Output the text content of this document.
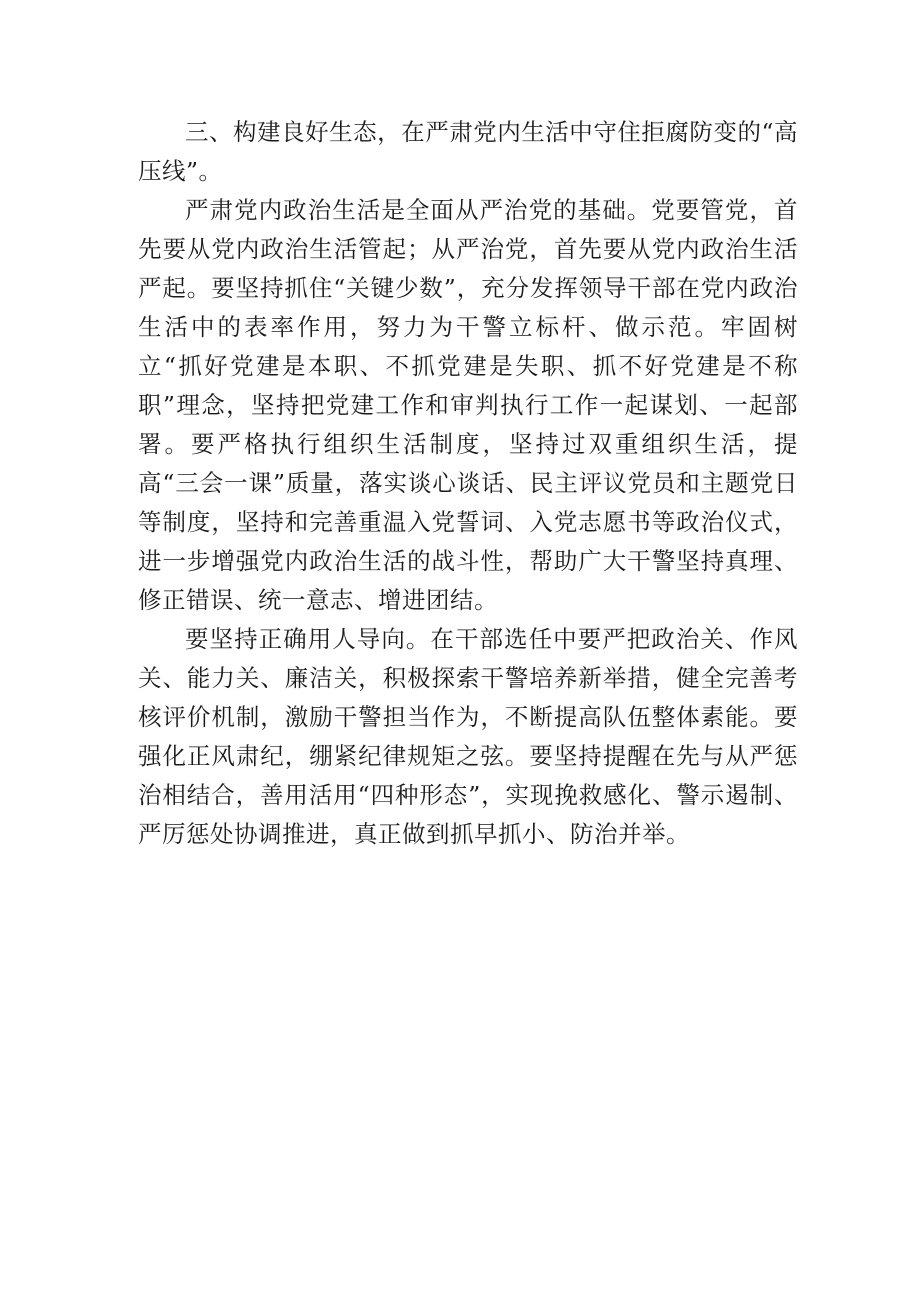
三、构建良好生态，在严肃党内生活中守住拒腐防变的“高压线”。

严肃党内政治生活是全面从严治党的基础。党要管党，首先要从党内政治生活管起；从严治党，首先要从党内政治生活严起。要坚持抓住“关键少数”，充分发挥领导干部在党内政治生活中的表率作用，努力为干警立标杆、做示范。牢固树立“抓好党建是本职、不抓党建是失职、抓不好党建是不称职”理念，坚持把党建工作和审判执行工作一起谋划、一起部署。要严格执行组织生活制度，坚持过双重组织生活，提高“三会一课”质量，落实谈心谈话、民主评议党员和主题党日等制度，坚持和完善重温入党誓词、入党志愿书等政治仪式，进一步增强党内政治生活的战斗性，帮助广大干警坚持真理、修正错误、统一意志、增进团结。

要坚持正确用人导向。在干部选任中要严把政治关、作风关、能力关、廉洁关，积极探索干警培养新举措，健全完善考核评价机制，激励干警担当作为，不断提高队伍整体素能。要强化正风肃纪，绷紧纪律规矩之弦。要坚持提醒在先与从严惩治相结合，善用活用“四种形态”，实现挽救感化、警示遏制、严厉惩处协调推进，真正做到抓早抓小、防治并举。
